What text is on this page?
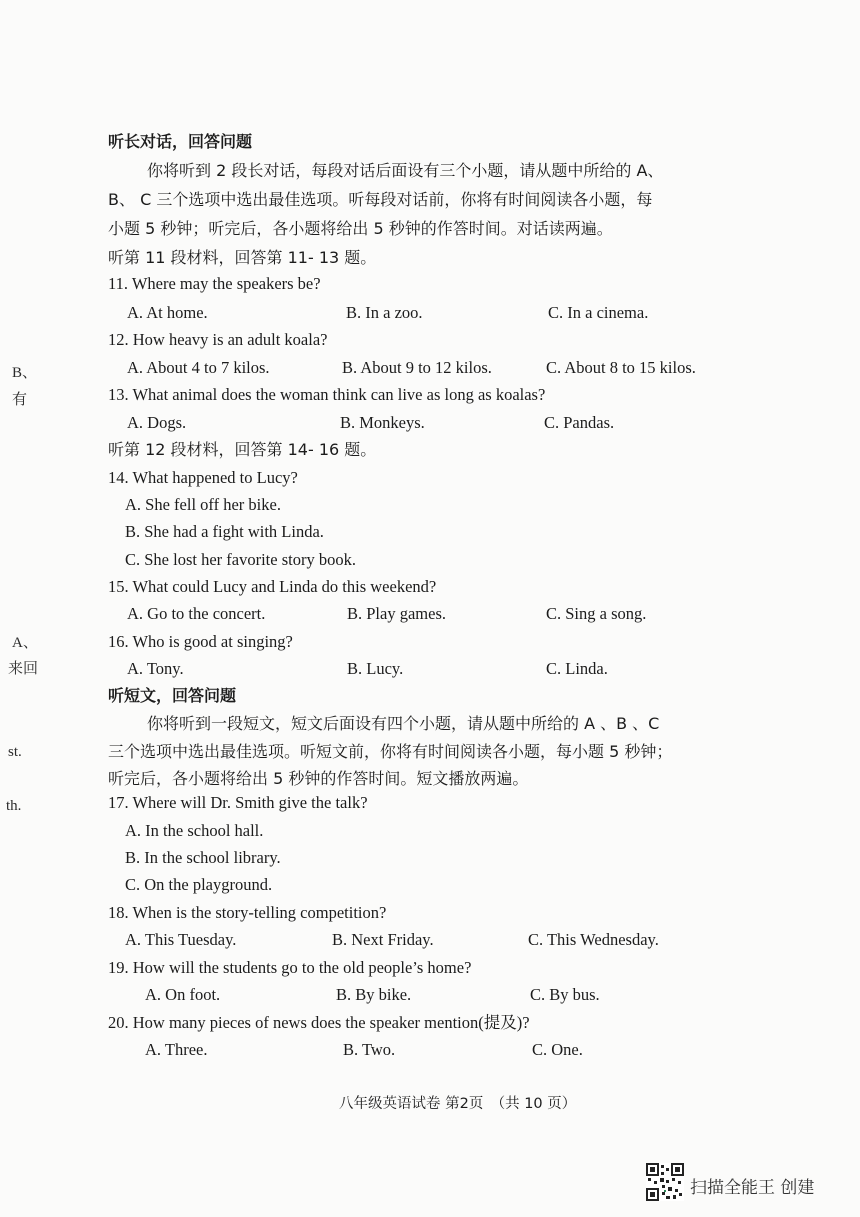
B、
有
A、
来回
st.
th.
听长对话，回答问题
你将听到 2 段长对话，每段对话后面设有三个小题，请从题中所给的 A、
B、 C 三个选项中选出最佳选项。听每段对话前，你将有时间阅读各小题，每
小题 5 秒钟；听完后，各小题将给出 5 秒钟的作答时间。对话读两遍。
听第 11 段材料，回答第 11- 13 题。
11. Where may the speakers be?
A. At home.	B. In a zoo.	C. In a cinema.
12. How heavy is an adult koala?
A. About 4 to 7 kilos.	B. About 9 to 12 kilos.	C. About 8 to 15 kilos.
13. What animal does the woman think can live as long as koalas?
A. Dogs.	B. Monkeys.	C. Pandas.
听第 12 段材料，回答第 14- 16 题。
14. What happened to Lucy?
A. She fell off her bike.
B. She had a fight with Linda.
C. She lost her favorite story book.
15. What could Lucy and Linda do this weekend?
A. Go to the concert.	B. Play games.	C. Sing a song.
16. Who is good at singing?
A. Tony.	B. Lucy.	C. Linda.
听短文，回答问题
你将听到一段短文，短文后面设有四个小题，请从题中所给的 A 、B 、C
三个选项中选出最佳选项。听短文前，你将有时间阅读各小题，每小题 5 秒钟；
听完后，各小题将给出 5 秒钟的作答时间。短文播放两遍。
17. Where will Dr. Smith give the talk?
A. In the school hall.
B. In the school library.
C. On the playground.
18. When is the story-telling competition?
A. This Tuesday.	B. Next Friday.	C. This Wednesday.
19. How will the students go to the old people’s home?
A. On foot.	B. By bike.	C. By bus.
20. How many pieces of news does the speaker mention(提及)?
A. Three.	B. Two.	C. One.
八年级英语试卷 第2页　（共 10 页）
扫描全能王 创建
